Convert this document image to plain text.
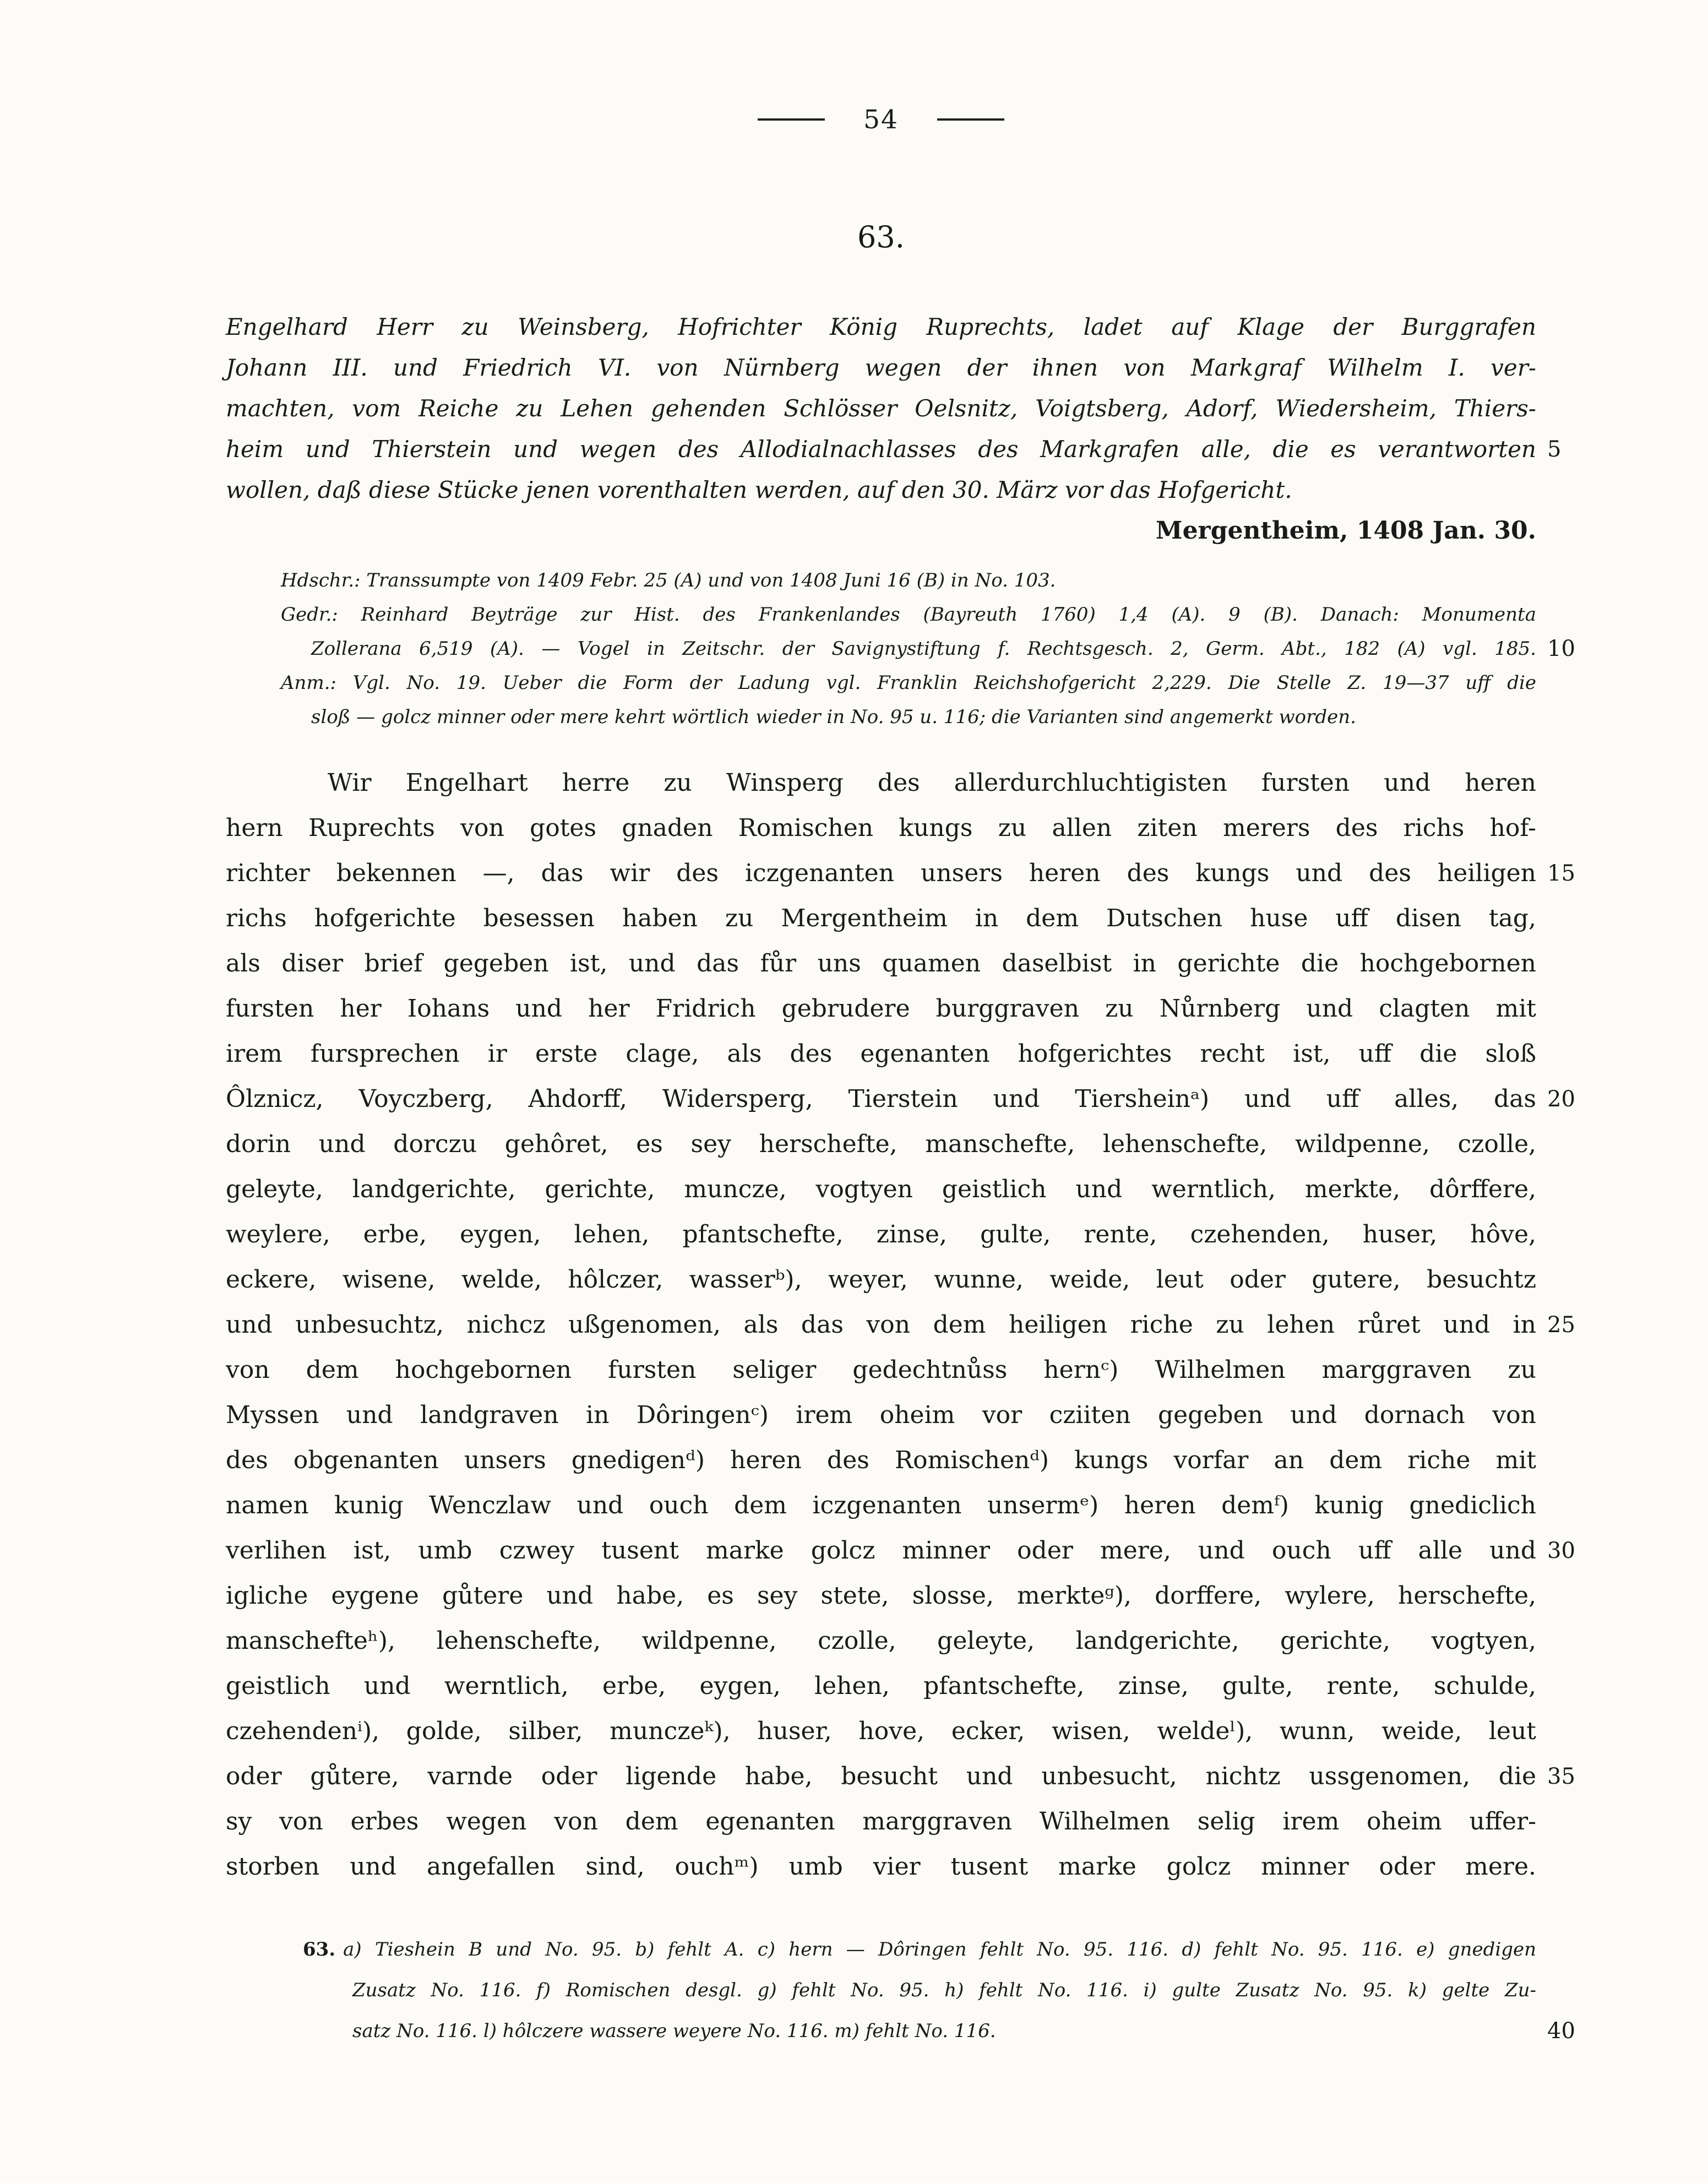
54
63.
Engelhard Herr zu Weinsberg, Hofrichter König Ruprechts, ladet auf Klage der Burggrafen
Johann III. und Friedrich VI. von Nürnberg wegen der ihnen von Markgraf Wilhelm I. ver-
machten, vom Reiche zu Lehen gehenden Schlösser Oelsnitz, Voigtsberg, Adorf, Wiedersheim, Thiers-
heim und Thierstein und wegen des Allodialnachlasses des Markgrafen alle, die es verantworten 5
wollen, daß diese Stücke jenen vorenthalten werden, auf den 30. März vor das Hofgericht.
Mergentheim, 1408 Jan. 30.
Hdschr.: Transsumpte von 1409 Febr. 25 (A) und von 1408 Juni 16 (B) in No. 103.
Gedr.: Reinhard Beyträge zur Hist. des Frankenlandes (Bayreuth 1760) 1,4 (A). 9 (B). Danach: Monumenta
Zollerana 6,519 (A). — Vogel in Zeitschr. der Savignystiftung f. Rechtsgesch. 2, Germ. Abt., 182 (A) vgl. 185. 10
Anm.: Vgl. No. 19. Ueber die Form der Ladung vgl. Franklin Reichshofgericht 2,229. Die Stelle Z. 19—37 uff die
sloß — golcz minner oder mere kehrt wörtlich wieder in No. 95 u. 116; die Varianten sind angemerkt worden.
Wir Engelhart herre zu Winsperg des allerdurchluchtigisten fursten und heren
hern Ruprechts von gotes gnaden Romischen kungs zu allen ziten merers des richs hof-
richter bekennen —, das wir des iczgenanten unsers heren des kungs und des heiligen 15
richs hofgerichte besessen haben zu Mergentheim in dem Dutschen huse uff disen tag,
als diser brief gegeben ist, und das fůr uns quamen daselbist in gerichte die hochgebornen
fursten her Iohans und her Fridrich gebrudere burggraven zu Nůrnberg und clagten mit
irem fursprechen ir erste clage, als des egenanten hofgerichtes recht ist, uff die sloß
Ôlznicz, Voyczberg, Ahdorff, Widersperg, Tierstein und Tiersheinᵃ) und uff alles, das 20
dorin und dorczu gehôret, es sey herschefte, manschefte, lehenschefte, wildpenne, czolle,
geleyte, landgerichte, gerichte, muncze, vogtyen geistlich und werntlich, merkte, dôrffere,
weylere, erbe, eygen, lehen, pfantschefte, zinse, gulte, rente, czehenden, huser, hôve,
eckere, wisene, welde, hôlczer, wasserᵇ), weyer, wunne, weide, leut oder gutere, besuchtz
und unbesuchtz, nichcz ußgenomen, als das von dem heiligen riche zu lehen růret und in 25
von dem hochgebornen fursten seliger gedechtnůss hernᶜ) Wilhelmen marggraven zu
Myssen und landgraven in Dôringenᶜ) irem oheim vor cziiten gegeben und dornach von
des obgenanten unsers gnedigenᵈ) heren des Romischenᵈ) kungs vorfar an dem riche mit
namen kunig Wenczlaw und ouch dem iczgenanten unsermᵉ) heren demᶠ) kunig gnediclich
verlihen ist, umb czwey tusent marke golcz minner oder mere, und ouch uff alle und 30
igliche eygene gůtere und habe, es sey stete, slosse, merkteᵍ), dorffere, wylere, herschefte,
manschefteʰ), lehenschefte, wildpenne, czolle, geleyte, landgerichte, gerichte, vogtyen,
geistlich und werntlich, erbe, eygen, lehen, pfantschefte, zinse, gulte, rente, schulde,
czehendenⁱ), golde, silber, munczeᵏ), huser, hove, ecker, wisen, weldeˡ), wunn, weide, leut
oder gůtere, varnde oder ligende habe, besucht und unbesucht, nichtz ussgenomen, die 35
sy von erbes wegen von dem egenanten marggraven Wilhelmen selig irem oheim uffer-
storben und angefallen sind, ouchᵐ) umb vier tusent marke golcz minner oder mere.
63. a) Tieshein B und No. 95. b) fehlt A. c) hern — Dôringen fehlt No. 95. 116. d) fehlt No. 95. 116. e) gnedigen
Zusatz No. 116. f) Romischen desgl. g) fehlt No. 95. h) fehlt No. 116. i) gulte Zusatz No. 95. k) gelte Zu-
satz No. 116. l) hôlczere wassere weyere No. 116. m) fehlt No. 116.	40
